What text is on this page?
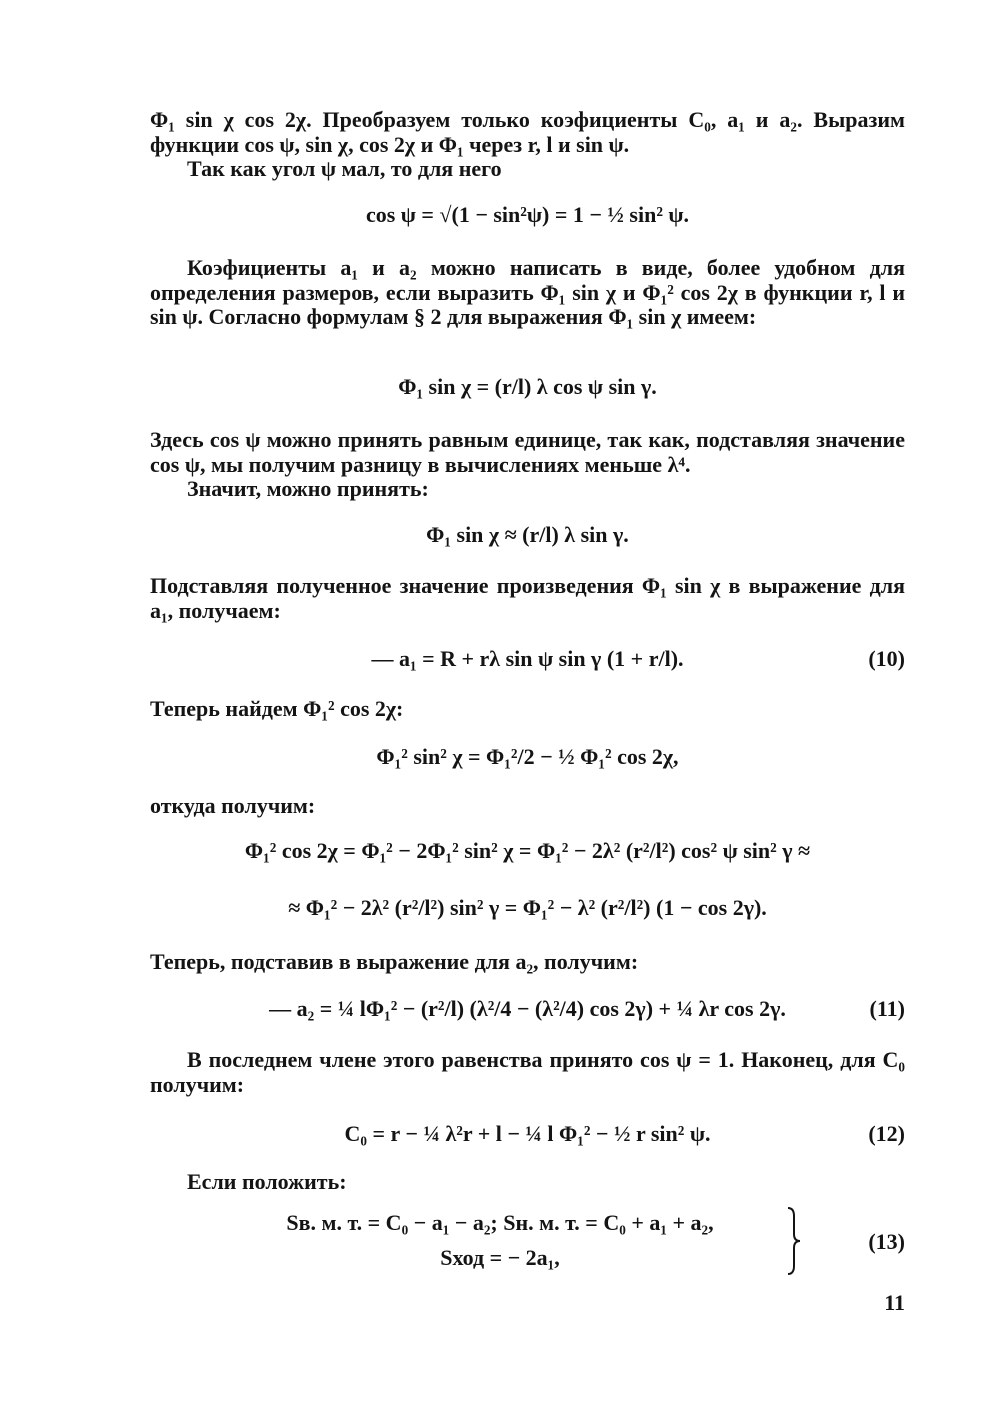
Φ₁ sin χ cos 2χ. Преобразуем только коэфициенты C₀, a₁ и a₂. Выразим функции cos ψ, sin χ, cos 2χ и Φ₁ через r, l и sin ψ.

Так как угол ψ мал, то для него

cos ψ = √(1 − sin²ψ) = 1 − ½ sin² ψ.

Коэфициенты a₁ и a₂ можно написать в виде, более удобном для определения размеров, если выразить Φ₁ sin χ и Φ₁² cos 2χ в функции r, l и sin ψ. Согласно формулам § 2 для выражения Φ₁ sin χ имеем:

Φ₁ sin χ = (r/l) λ cos ψ sin γ.

Здесь cos ψ можно принять равным единице, так как, подставляя значение cos ψ, мы получим разницу в вычислениях меньше λ⁴.

Значит, можно принять:

Φ₁ sin χ ≈ (r/l) λ sin γ.

Подставляя полученное значение произведения Φ₁ sin χ в выражение для a₁, получаем:

— a₁ = R + rλ sin ψ sin γ (1 + r/l).	(10)

Теперь найдем Φ₁² cos 2χ:

Φ₁² sin² χ = Φ₁²/2 − ½ Φ₁² cos 2χ,

откуда получим:

Φ₁² cos 2χ = Φ₁² − 2Φ₁² sin² χ = Φ₁² − 2λ² (r²/l²) cos² ψ sin² γ ≈
≈ Φ₁² − 2λ² (r²/l²) sin² γ = Φ₁² − λ² (r²/l²) (1 − cos 2γ).

Теперь, подставив в выражение для a₂, получим:

— a₂ = ¼ lΦ₁² − (r²/l) (λ²/4 − (λ²/4) cos 2γ) + ¼ λr cos 2γ.	(11)

В последнем члене этого равенства принято cos ψ = 1. Наконец, для C₀ получим:

C₀ = r − ¼ λ²r + l − ¼ l Φ₁² − ½ r sin² ψ.	(12)

Если положить:

Sв. м. т. = C₀ − a₁ − a₂; Sн. м. т. = C₀ + a₁ + a₂,
Sход = − 2a₁,
(13)
11
